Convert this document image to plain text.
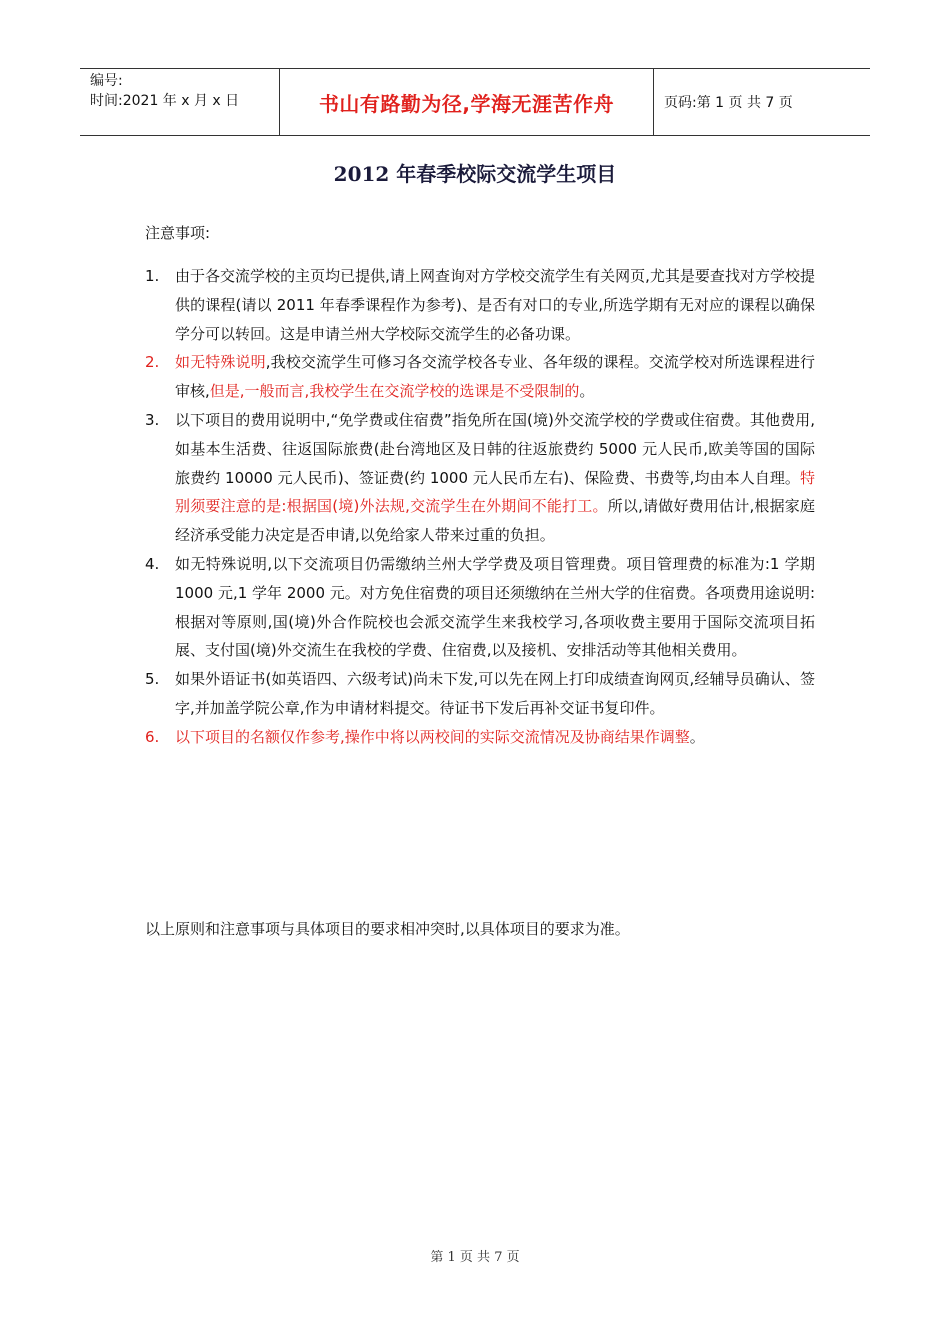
编号:
时间:2021 年 x 月 x 日	书山有路勤为径,学海无涯苦作舟	页码:第 1 页 共 7 页
2012 年春季校际交流学生项目
注意事项:
1.	由于各交流学校的主页均已提供,请上网查询对方学校交流学生有关网页,尤其是要查找对方学校提供的课程(请以 2011 年春季课程作为参考)、是否有对口的专业,所选学期有无对应的课程以确保学分可以转回。这是申请兰州大学校际交流学生的必备功课。
2.	如无特殊说明,我校交流学生可修习各交流学校各专业、各年级的课程。交流学校对所选课程进行审核,但是,一般而言,我校学生在交流学校的选课是不受限制的。
3.	以下项目的费用说明中,“免学费或住宿费”指免所在国(境)外交流学校的学费或住宿费。其他费用,如基本生活费、往返国际旅费(赴台湾地区及日韩的往返旅费约 5000 元人民币,欧美等国的国际旅费约 10000 元人民币)、签证费(约 1000 元人民币左右)、保险费、书费等,均由本人自理。特别须要注意的是:根据国(境)外法规,交流学生在外期间不能打工。所以,请做好费用估计,根据家庭经济承受能力决定是否申请,以免给家人带来过重的负担。
4.	如无特殊说明,以下交流项目仍需缴纳兰州大学学费及项目管理费。项目管理费的标准为:1 学期 1000 元,1 学年 2000 元。对方免住宿费的项目还须缴纳在兰州大学的住宿费。各项费用途说明:根据对等原则,国(境)外合作院校也会派交流学生来我校学习,各项收费主要用于国际交流项目拓展、支付国(境)外交流生在我校的学费、住宿费,以及接机、安排活动等其他相关费用。
5.	如果外语证书(如英语四、六级考试)尚未下发,可以先在网上打印成绩查询网页,经辅导员确认、签字,并加盖学院公章,作为申请材料提交。待证书下发后再补交证书复印件。
6.	以下项目的名额仅作参考,操作中将以两校间的实际交流情况及协商结果作调整。
以上原则和注意事项与具体项目的要求相冲突时,以具体项目的要求为准。
第 1 页 共 7 页
